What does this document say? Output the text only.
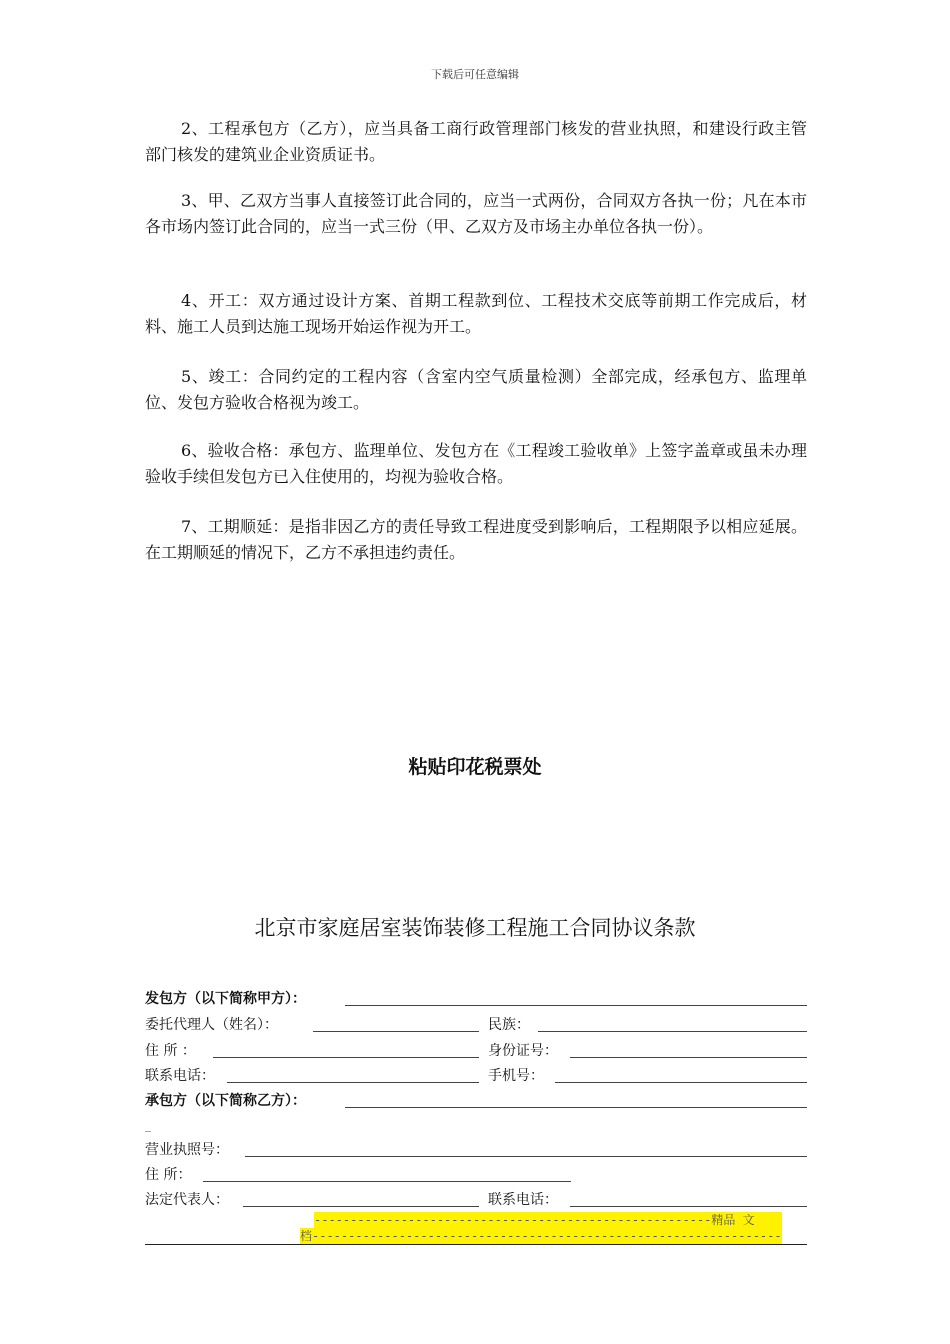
下载后可任意编辑

2、工程承包方（乙方），应当具备工商行政管理部门核发的营业执照，和建设行政主管部门核发的建筑业企业资质证书。

3、甲、乙双方当事人直接签订此合同的，应当一式两份，合同双方各执一份；凡在本市各市场内签订此合同的，应当一式三份（甲、乙双方及市场主办单位各执一份）。

4、开工：双方通过设计方案、首期工程款到位、工程技术交底等前期工作完成后，材料、施工人员到达施工现场开始运作视为开工。

5、竣工：合同约定的工程内容（含室内空气质量检测）全部完成，经承包方、监理单位、发包方验收合格视为竣工。

6、验收合格：承包方、监理单位、发包方在《工程竣工验收单》上签字盖章或虽未办理验收手续但发包方已入住使用的，均视为验收合格。

7、工期顺延：是指非因乙方的责任导致工程进度受到影响后，工程期限予以相应延展。在工期顺延的情况下，乙方不承担违约责任。

粘贴印花税票处
北京市家庭居室装饰装修工程施工合同协议条款
发包方（以下简称甲方）：
委托代理人（姓名）：	民族：
住 所 ：	身份证号：
联系电话：	手机号：
承包方（以下简称乙方）：
_
营业执照号：
住 所：
法定代表人：	联系电话：
-------------------------------------------------------精品 文
档-----------------------------------------------------------------
